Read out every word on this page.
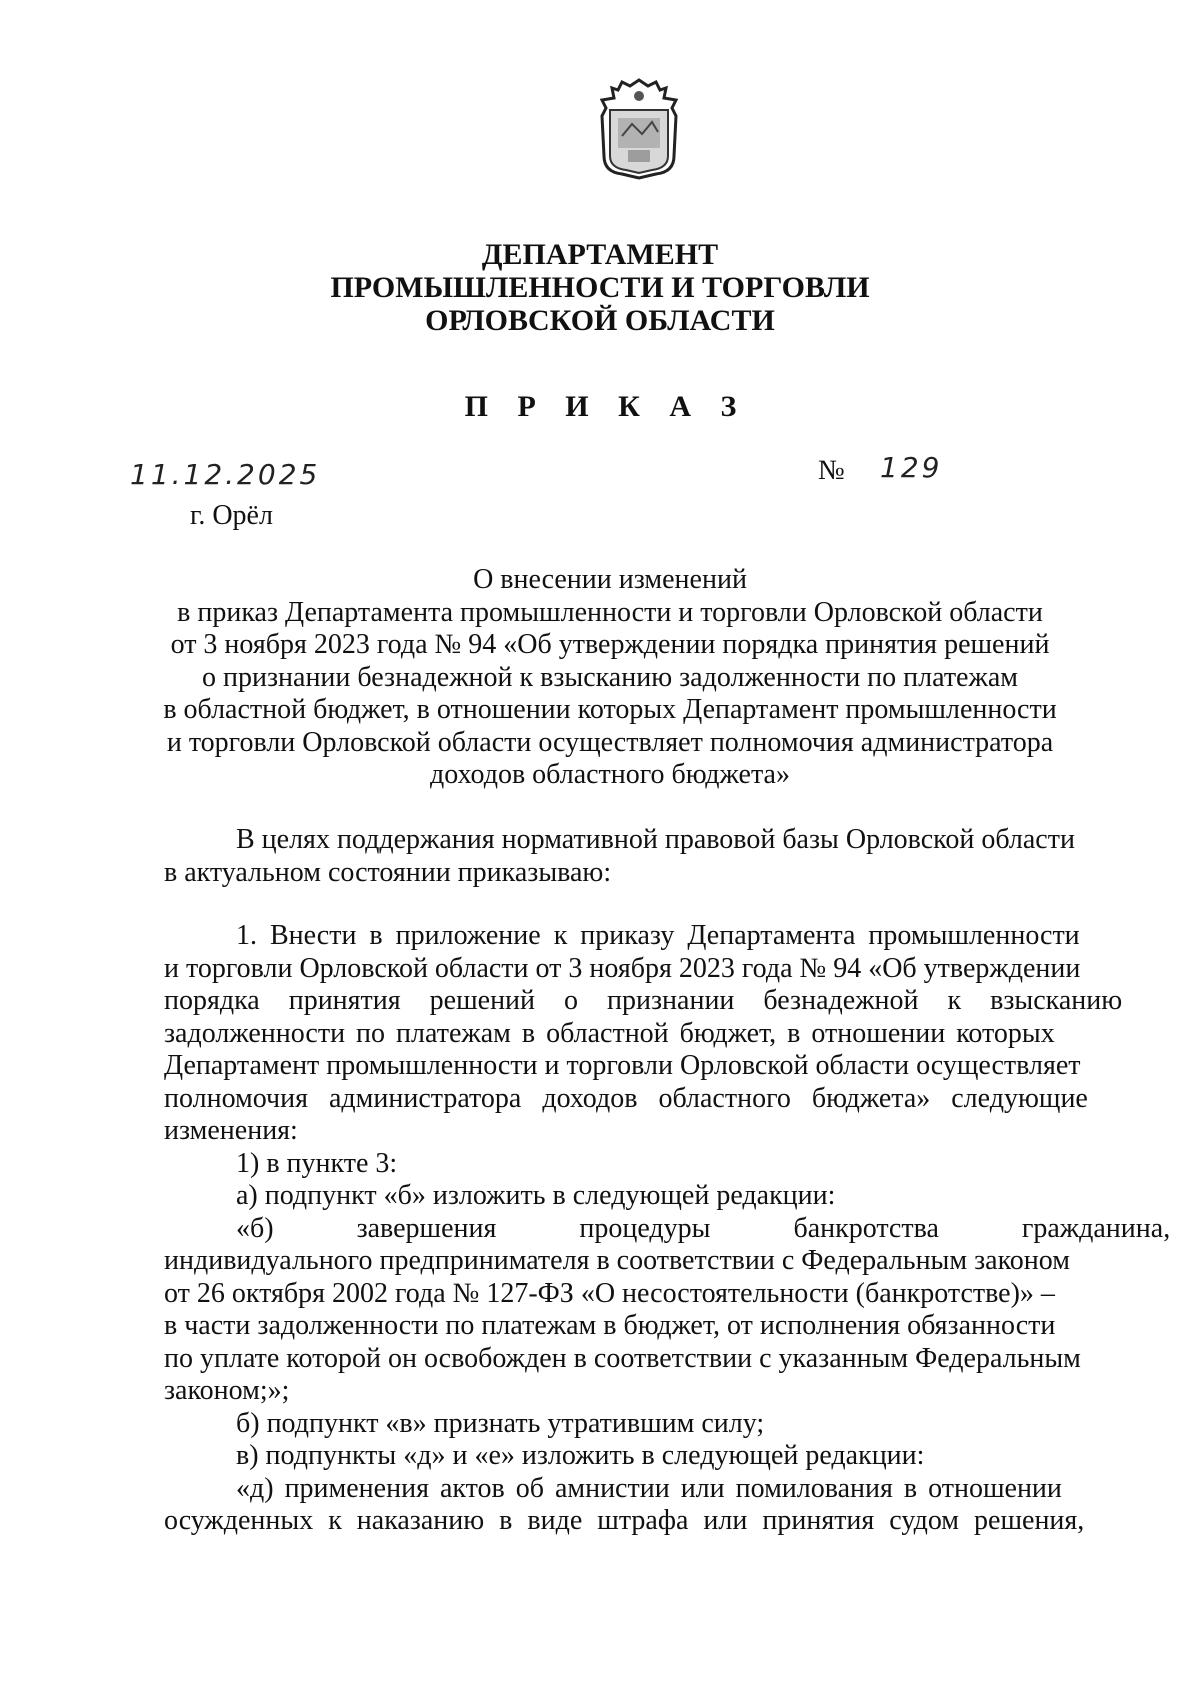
ДЕПАРТАМЕНТ
ПРОМЫШЛЕННОСТИ И ТОРГОВЛИ
ОРЛОВСКОЙ ОБЛАСТИ
П Р И К А З
11.12.2025	№ 129
г. Орёл
О внесении изменений
в приказ Департамента промышленности и торговли Орловской области
от 3 ноября 2023 года № 94 «Об утверждении порядка принятия решений
о признании безнадежной к взысканию задолженности по платежам
в областной бюджет, в отношении которых Департамент промышленности
и торговли Орловской области осуществляет полномочия администратора
доходов областного бюджета»
В целях поддержания нормативной правовой базы Орловской области
в актуальном состоянии приказываю:
1. Внести в приложение к приказу Департамента промышленности
и торговли Орловской области от 3 ноября 2023 года № 94 «Об утверждении
порядка принятия решений о признании безнадежной к взысканию
задолженности по платежам в областной бюджет, в отношении которых
Департамент промышленности и торговли Орловской области осуществляет
полномочия администратора доходов областного бюджета» следующие
изменения:
1) в пункте 3:
а) подпункт «б» изложить в следующей редакции:
«б) завершения процедуры банкротства гражданина,
индивидуального предпринимателя в соответствии с Федеральным законом
от 26 октября 2002 года № 127-ФЗ «О несостоятельности (банкротстве)» –
в части задолженности по платежам в бюджет, от исполнения обязанности
по уплате которой он освобожден в соответствии с указанным Федеральным
законом;»;
б) подпункт «в» признать утратившим силу;
в) подпункты «д» и «е» изложить в следующей редакции:
«д) применения актов об амнистии или помилования в отношении
осужденных к наказанию в виде штрафа или принятия судом решения,
